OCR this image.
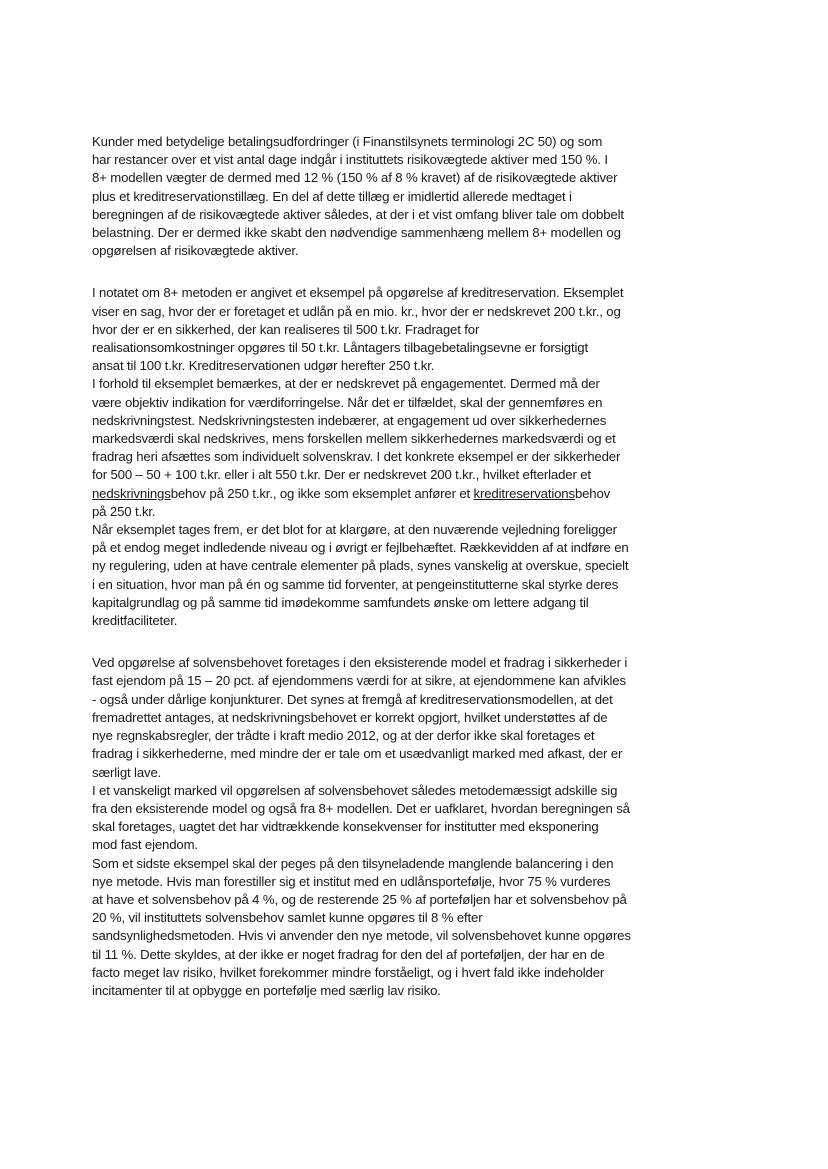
Kunder med betydelige betalingsudfordringer (i Finanstilsynets terminologi 2C 50) og som
har restancer over et vist antal dage indgår i instituttets risikovægtede aktiver med 150 %. I
8+ modellen vægter de dermed med 12 % (150 % af 8 % kravet) af de risikovægtede aktiver
plus et kreditreservationstillæg. En del af dette tillæg er imidlertid allerede medtaget i
beregningen af de risikovægtede aktiver således, at der i et vist omfang bliver tale om dobbelt
belastning. Der er dermed ikke skabt den nødvendige sammenhæng mellem 8+ modellen og
opgørelsen af risikovægtede aktiver.
I notatet om 8+ metoden er angivet et eksempel på opgørelse af kreditreservation. Eksemplet
viser en sag, hvor der er foretaget et udlån på en mio. kr., hvor der er nedskrevet 200 t.kr., og
hvor der er en sikkerhed, der kan realiseres til 500 t.kr. Fradraget for
realisationsomkostninger opgøres til 50 t.kr. Låntagers tilbagebetalingsevne er forsigtigt
ansat til 100 t.kr. Kreditreservationen udgør herefter 250 t.kr.
I forhold til eksemplet bemærkes, at der er nedskrevet på engagementet. Dermed må der
være objektiv indikation for værdiforringelse. Når det er tilfældet, skal der gennemføres en
nedskrivningstest. Nedskrivningstesten indebærer, at engagement ud over sikkerhedernes
markedsværdi skal nedskrives, mens forskellen mellem sikkerhedernes markedsværdi og et
fradrag heri afsættes som individuelt solvenskrav. I det konkrete eksempel er der sikkerheder
for 500 – 50 + 100 t.kr. eller i alt 550 t.kr. Der er nedskrevet 200 t.kr., hvilket efterlader et
nedskrivningsbehov på 250 t.kr., og ikke som eksemplet anfører et kreditreservationsbehov
på 250 t.kr.
Når eksemplet tages frem, er det blot for at klargøre, at den nuværende vejledning foreligger
på et endog meget indledende niveau og i øvrigt er fejlbehæftet. Rækkevidden af at indføre en
ny regulering, uden at have centrale elementer på plads, synes vanskelig at overskue, specielt
i en situation, hvor man på én og samme tid forventer, at pengeinstitutterne skal styrke deres
kapitalgrundlag og på samme tid imødekomme samfundets ønske om lettere adgang til
kreditfaciliteter.
Ved opgørelse af solvensbehovet foretages i den eksisterende model et fradrag i sikkerheder i
fast ejendom på 15 – 20 pct. af ejendommens værdi for at sikre, at ejendommene kan afvikles
- også under dårlige konjunkturer. Det synes at fremgå af kreditreservationsmodellen, at det
fremadrettet antages, at nedskrivningsbehovet er korrekt opgjort, hvilket understøttes af de
nye regnskabsregler, der trådte i kraft medio 2012, og at der derfor ikke skal foretages et
fradrag i sikkerhederne, med mindre der er tale om et usædvanligt marked med afkast, der er
særligt lave.
I et vanskeligt marked vil opgørelsen af solvensbehovet således metodemæssigt adskille sig
fra den eksisterende model og også fra 8+ modellen. Det er uafklaret, hvordan beregningen så
skal foretages, uagtet det har vidtrækkende konsekvenser for institutter med eksponering
mod fast ejendom.
Som et sidste eksempel skal der peges på den tilsyneladende manglende balancering i den
nye metode. Hvis man forestiller sig et institut med en udlånsportefølje, hvor 75 % vurderes
at have et solvensbehov på 4 %, og de resterende 25 % af porteføljen har et solvensbehov på
20 %, vil instituttets solvensbehov samlet kunne opgøres til 8 % efter
sandsynlighedsmetoden. Hvis vi anvender den nye metode, vil solvensbehovet kunne opgøres
til 11 %. Dette skyldes, at der ikke er noget fradrag for den del af porteføljen, der har en de
facto meget lav risiko, hvilket forekommer mindre forståeligt, og i hvert fald ikke indeholder
incitamenter til at opbygge en portefølje med særlig lav risiko.
